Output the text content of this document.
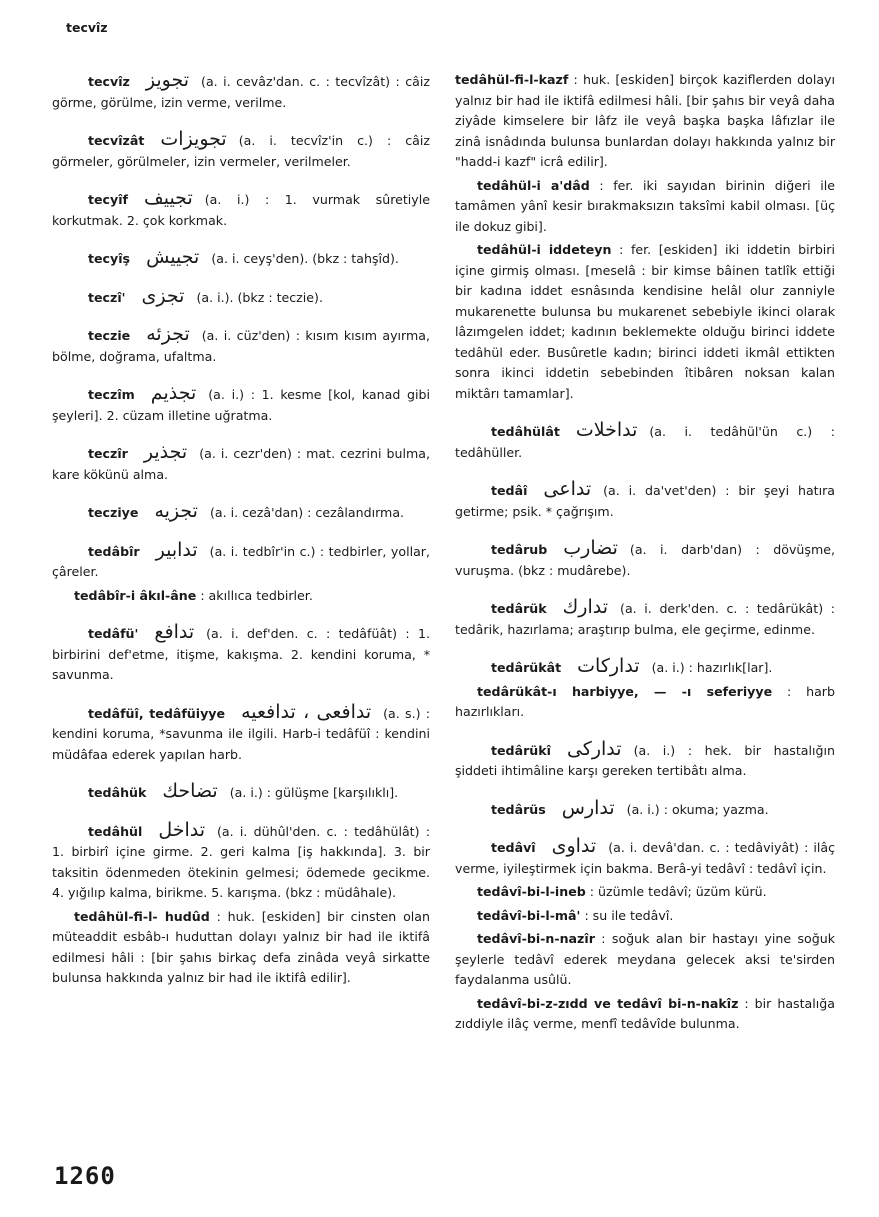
tecvîz
tecvîz تجويز (a. i. cevâz'dan. c. : tecvîzât) : câiz görme, görülme, izin verme, verilme.
tecvîzât تجويزات (a. i. tecvîz'in c.) : câiz görmeler, görülmeler, izin vermeler, verilmeler.
tecyîf تجييف (a. i.) : 1. vurmak sûretiyle korkutmak. 2. çok korkmak.
tecyîş تجييش (a. i. ceyş'den). (bkz : tahşîd).
teczî' تجزى (a. i.). (bkz : teczie).
teczie تجزئه (a. i. cüz'den) : kısım kısım ayırma, bölme, doğrama, ufaltma.
teczîm تجذيم (a. i.) : 1. kesme [kol, kanad gibi şeyleri]. 2. cüzam illetine uğratma.
teczîr تجذير (a. i. cezr'den) : mat. cezrini bulma, kare kökünü alma.
tecziye تجزيه (a. i. cezâ'dan) : cezâlandırma.
tedâbîr تدابير (a. i. tedbîr'in c.) : tedbirler, yollar, çâreler.
tedâbîr-i âkıl-âne : akıllıca tedbirler.
tedâfü' تدافع (a. i. def'den. c. : tedâfüât) : 1. birbirini def'etme, itişme, kakışma. 2. kendini koruma, * savunma.
tedâfüî, tedâfüiyye تدافعى ، تدافعيه (a. s.) : kendini koruma, *savunma ile ilgili. Harb-i tedâfüî : kendini müdâfaa ederek yapılan harb.
tedâhük تضاحك (a. i.) : gülüşme [karşılıklı].
tedâhül تداخل (a. i. dühûl'den. c. : tedâhülât) : 1. birbirî içine girme. 2. geri kalma [iş hakkında]. 3. bir taksitin ödenmeden ötekinin gelmesi; ödemede gecikme. 4. yığılıp kalma, birikme. 5. karışma. (bkz : müdâhale).
tedâhül-fi-l- hudûd : huk. [eskiden] bir cinsten olan müteaddit esbâb-ı huduttan dolayı yalnız bir had ile iktifâ edilmesi hâli : [bir şahıs birkaç defa zinâda veyâ sirkatte bulunsa hakkında yalnız bir had ile iktifâ edilir].
tedâhül-fi-l-kazf : huk. [eskiden] birçok kaziflerden dolayı yalnız bir had ile iktifâ edilmesi hâli. [bir şahıs bir veyâ daha ziyâde kimselere bir lâfz ile veyâ başka başka lâfızlar ile zinâ isnâdında bulunsa bunlardan dolayı hakkında yalnız bir "hadd-i kazf" icrâ edilir].
tedâhül-i a'dâd : fer. iki sayıdan birinin diğeri ile tamâmen yânî kesir bırakmaksızın taksîmi kabil olması. [üç ile dokuz gibi].
tedâhül-i iddeteyn : fer. [eskiden] iki iddetin birbiri içine girmiş olması. [meselâ : bir kimse bâinen tatlîk ettiği bir kadına iddet esnâsında kendisine helâl olur zanniyle mukarenette bulunsa bu mukarenet sebebiyle ikinci olarak lâzımgelen iddet; kadının beklemekte olduğu birinci iddete tedâhül eder. Busûretle kadın; birinci iddeti ikmâl ettikten sonra ikinci iddetin sebebinden îtibâren noksan kalan miktârı tamamlar].
tedâhülât تداخلات (a. i. tedâhül'ün c.) : tedâhüller.
tedâî تداعى (a. i. da'vet'den) : bir şeyi hatıra getirme; psik. * çağrışım.
tedârub تضارب (a. i. darb'dan) : dövüşme, vuruşma. (bkz : mudârebe).
tedârük تدارك (a. i. derk'den. c. : tedârükât) : tedârik, hazırlama; araştırıp bulma, ele geçirme, edinme.
tedârükât تداركات (a. i.) : hazırlık[lar].
tedârükât-ı harbiyye, — -ı seferiyye : harb hazırlıkları.
tedârükî تداركى (a. i.) : hek. bir hastalığın şiddeti ihtimâline karşı gereken tertibâtı alma.
tedârüs تدارس (a. i.) : okuma; yazma.
tedâvî تداوى (a. i. devâ'dan. c. : tedâviyât) : ilâç verme, iyileştirmek için bakma. Berâ-yi tedâvî : tedâvî için.
tedâvî-bi-l-ineb : üzümle tedâvî; üzüm kürü.
tedâvî-bi-l-mâ' : su ile tedâvî.
tedâvî-bi-n-nazîr : soğuk alan bir hastayı yine soğuk şeylerle tedâvî ederek meydana gelecek aksi te'sirden faydalanma usûlü.
tedâvî-bi-z-zıdd ve tedâvî bi-n-nakîz : bir hastalığa zıddiyle ilâç verme, menfî tedâvîde bulunma.
1260
